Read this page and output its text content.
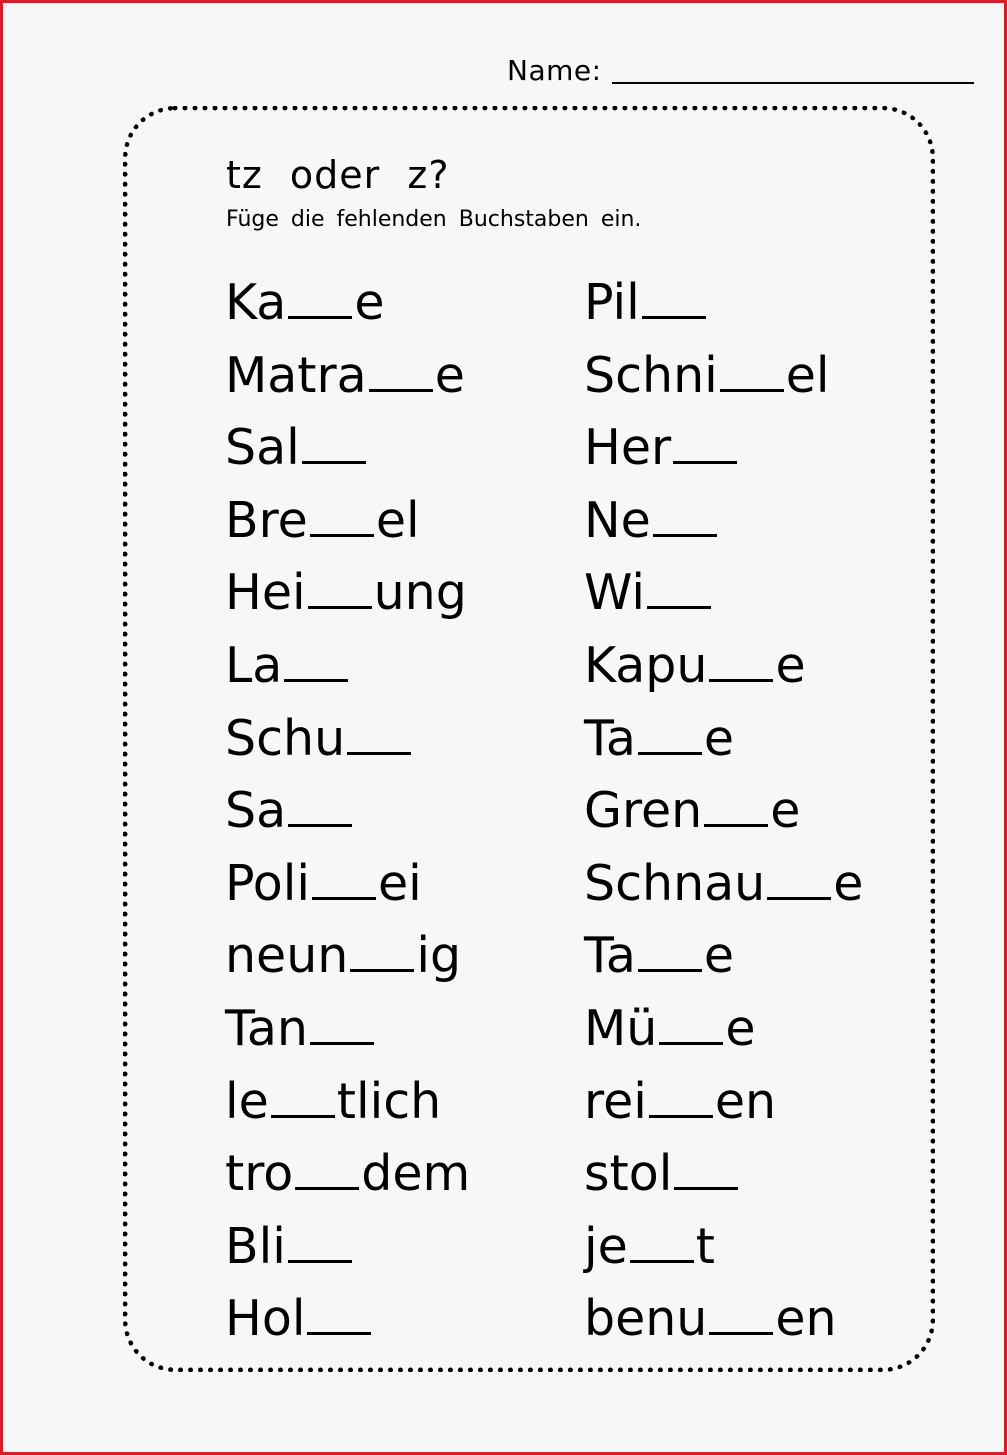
Name:
tz oder z?
Füge die fehlenden Buchstaben ein.
Ka e
Matra e
Sal
Bre el
Hei ung
La
Schu
Sa
Poli ei
neun ig
Tan
le tlich
tro dem
Bli
Hol
Pil
Schni el
Her
Ne
Wi
Kapu e
Ta e
Gren e
Schnau e
Ta e
Mü e
rei en
stol
je t
benu en
